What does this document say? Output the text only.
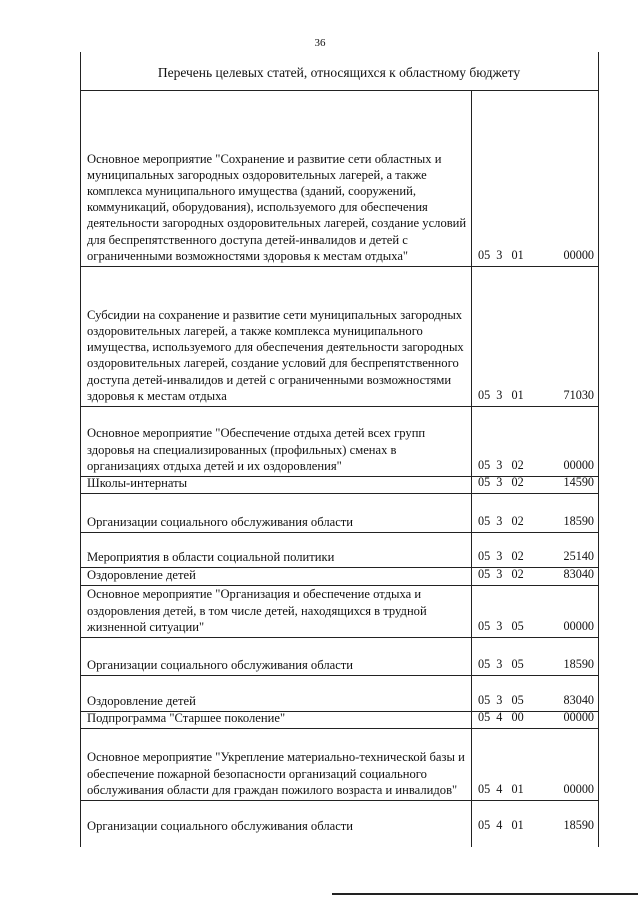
36
Перечень целевых статей, относящихся к областному бюджету
Основное мероприятие "Сохранение и развитие сети областных и муниципальных загородных оздоровительных лагерей, а также комплекса муниципального имущества (зданий, сооружений, коммуникаций, оборудования), используемого для обеспечения деятельности загородных оздоровительных лагерей, создание условий для беспрепятственного доступа детей-инвалидов и детей с ограниченными возможностями здоровья к местам отдыха"	05  3   01	00000
Субсидии на сохранение и развитие сети муниципальных загородных оздоровительных лагерей, а также комплекса муниципального имущества, используемого для обеспечения деятельности загородных оздоровительных лагерей, создание условий для беспрепятственного доступа детей-инвалидов и детей с ограниченными возможностями здоровья к местам отдыха	05  3   01	71030
Основное мероприятие "Обеспечение отдыха детей всех групп здоровья на специализированных (профильных) сменах в организациях отдыха детей и их оздоровления"	05  3   02	00000
Школы-интернаты	05  3   02	14590
Организации социального обслуживания области	05  3   02	18590
Мероприятия в области социальной политики	05  3   02	25140
Оздоровление детей	05  3   02	83040
Основное мероприятие "Организация и обеспечение отдыха и оздоровления детей, в том числе детей, находящихся в трудной жизненной ситуации"	05  3   05	00000
Организации социального обслуживания области	05  3   05	18590
Оздоровление детей	05  3   05	83040
Подпрограмма "Старшее поколение"	05  4   00	00000
Основное мероприятие "Укрепление материально-технической базы и обеспечение пожарной безопасности организаций социального обслуживания области для граждан пожилого возраста и инвалидов"	05  4   01	00000
Организации социального обслуживания области	05  4   01	18590
